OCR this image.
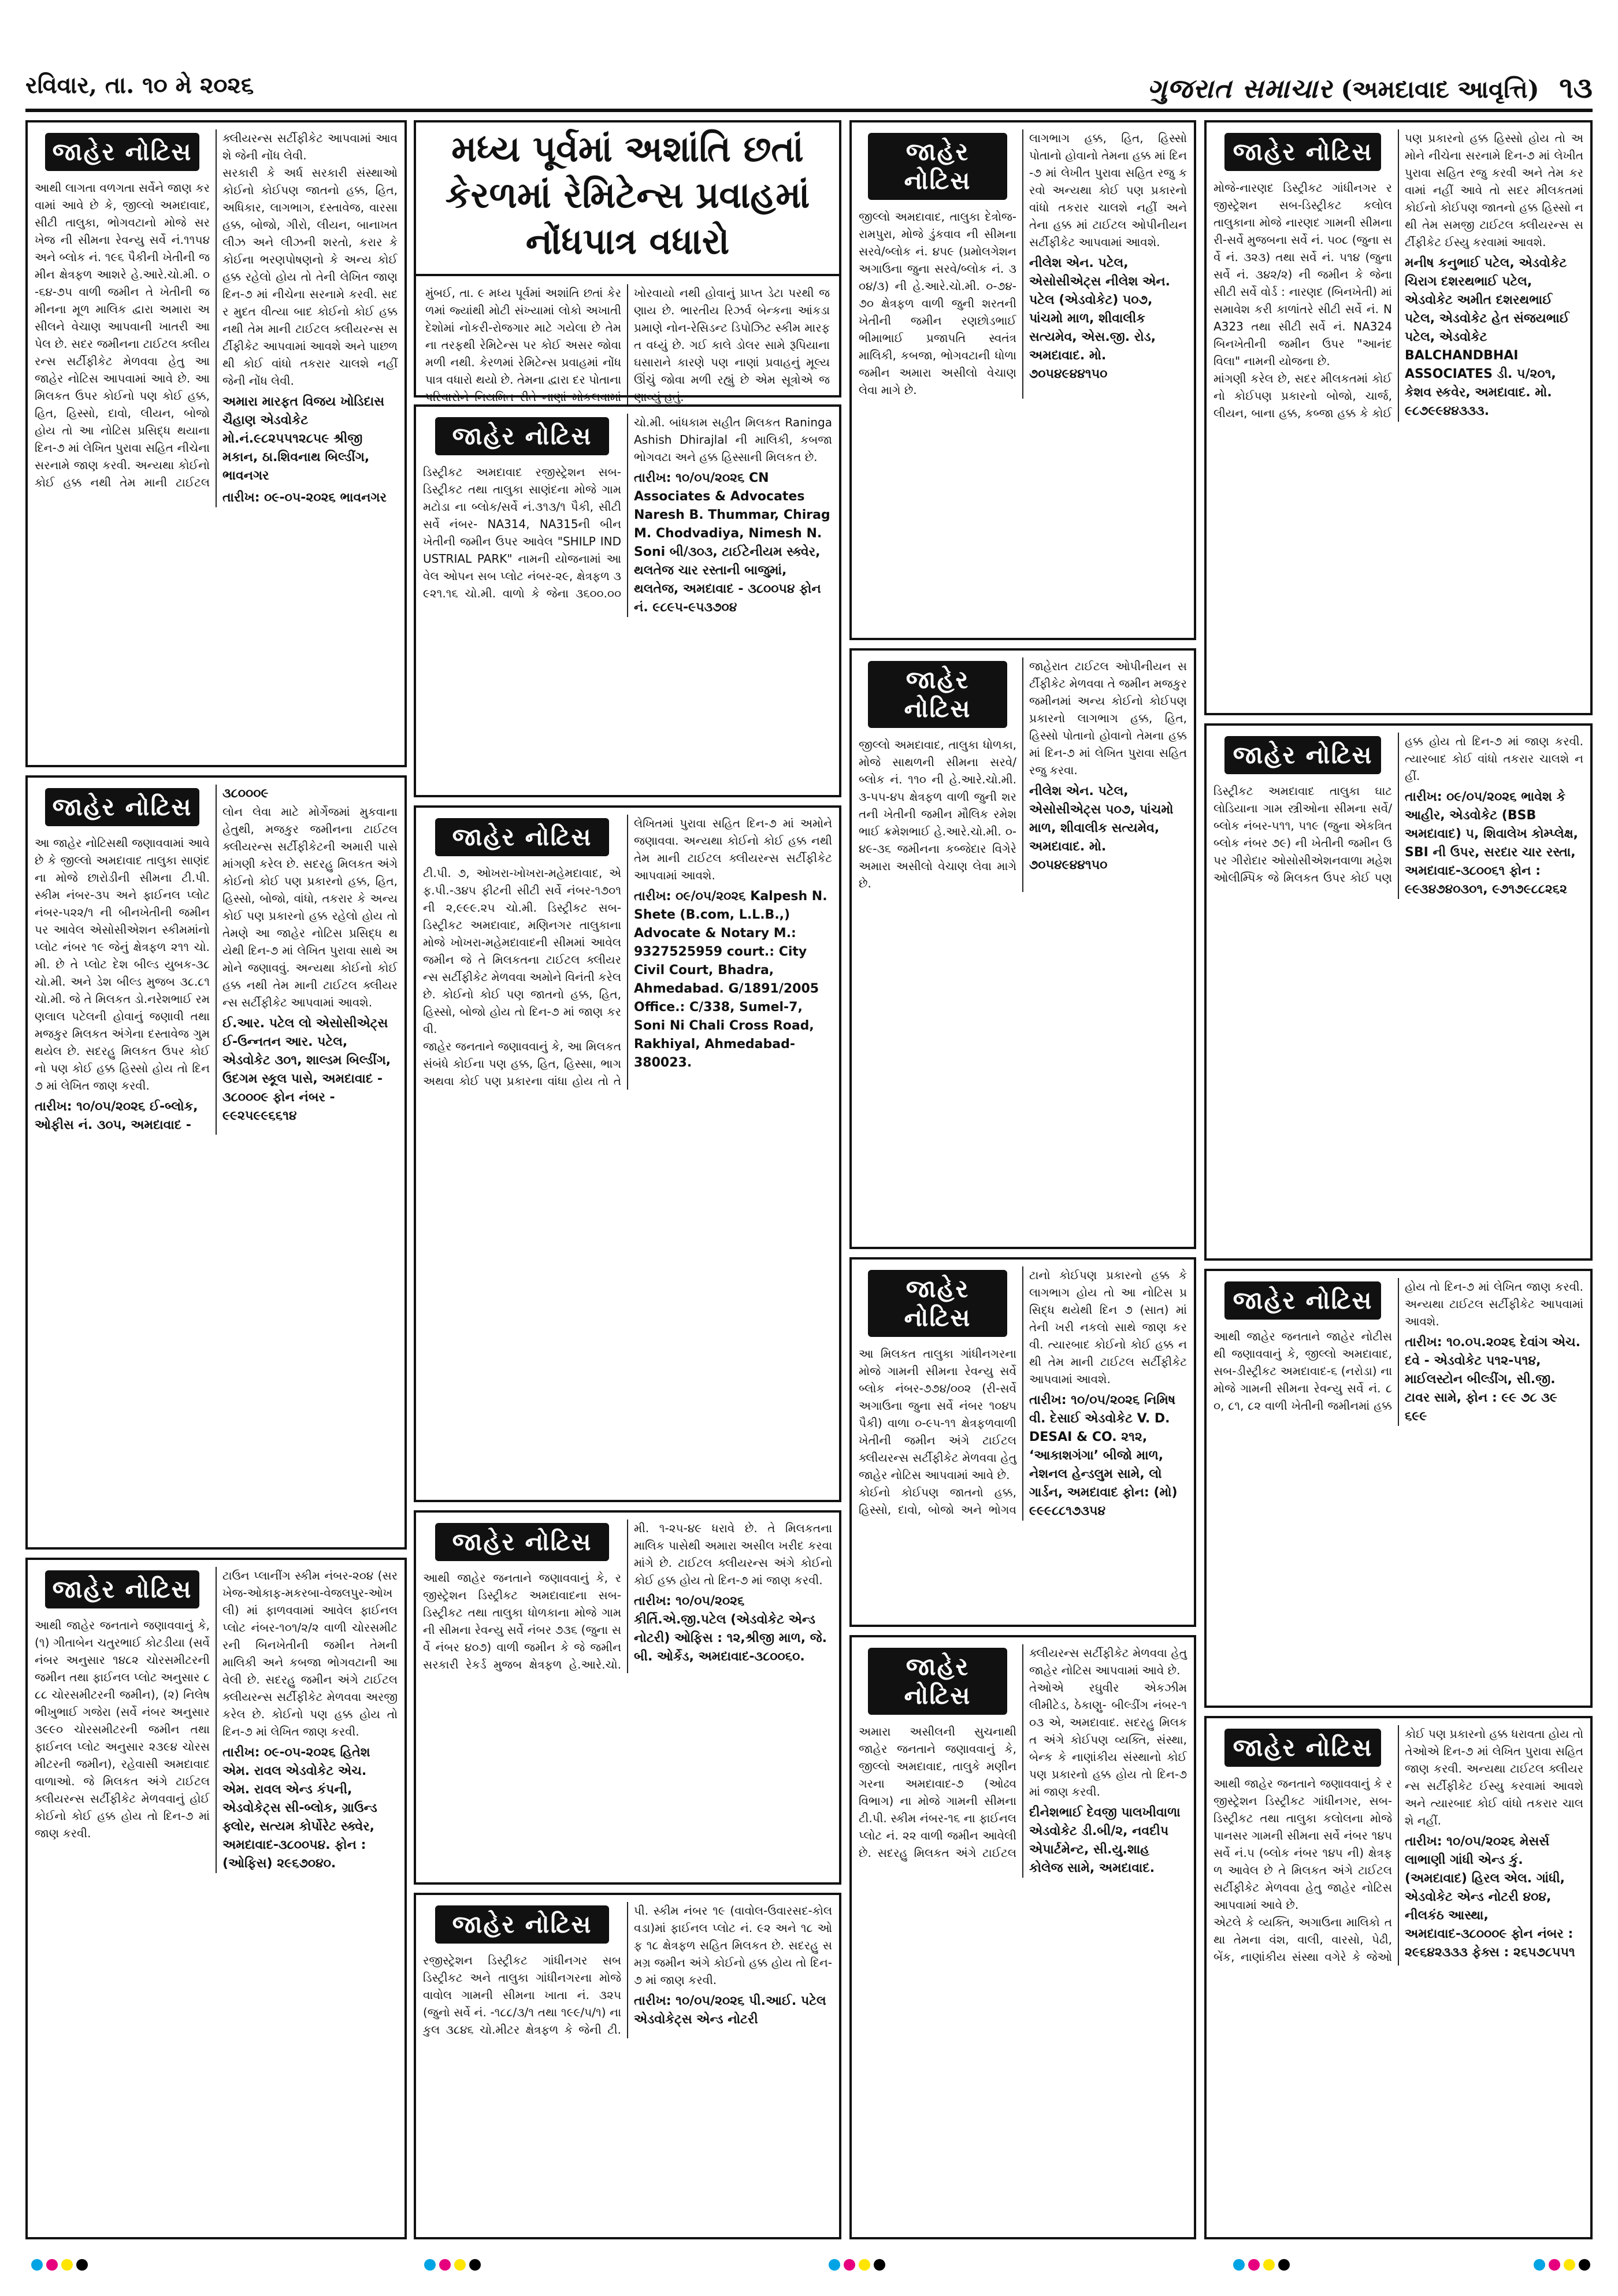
રવિવાર, તા. ૧૦ મે ૨૦૨૬	ગુજરાત સમાચાર (અમદાવાદ આવૃત્તિ) ૧૩
જાહેર નોટિસ
આથી લાગતા વળગતા સર્વેને જાણ કરવામાં આવે છે કે, જીલ્લો અમદાવાદ, સીટી તાલુકા, ભોગવટાનો મોજે સરખેજ ની સીમના રેવન્યુ સર્વે નં.૧૧૫૪ અને બ્લોક નં. ૧૯૬ પૈકીની ખેતીની જમીન ક્ષેત્રફળ આશરે હે.આરે.ચો.મી. ૦-૬૪-૭૫ વાળી જમીન તે ખેતીની જમીનના મૂળ માલિક દ્વારા અમારા અસીલને વેચાણ આપવાની ખાતરી આપેલ છે. સદર જમીનના ટાઈટલ ક્લીયરન્સ સર્ટીફીકેટ મેળવવા હેતુ આ જાહેર નોટિસ આપવામાં આવે છે. આ મિલકત ઉપર કોઈનો પણ કોઈ હક્ક, હિત, હિસ્સો, દાવો, લીયન, બોજો હોય તો આ નોટિસ પ્રસિદ્ધ થયાના દિન-૭ માં લેખિત પુરાવા સહિત નીચેના સરનામે જાણ કરવી. અન્યથા કોઈનો કોઈ હક્ક નથી તેમ માની ટાઈટલ ક્લીયરન્સ સર્ટીફીકેટ આપવામાં આવશે જેની નોંધ લેવી.
સરકારી કે અર્ધ સરકારી સંસ્થાઓ કોઈનો કોઈપણ જાતનો હક્ક, હિત, અધિકાર, લાગભાગ, દસ્તાવેજ, વારસા હક્ક, બોજો, ગીરો, લીયન, બાનાખત લીઝ અને લીઝની શરતો, કરાર કે કોઈના ભરણપોષણનો કે અન્ય કોઈ હક્ક રહેલો હોય તો તેની લેખિત જાણ દિન-૭ માં નીચેના સરનામે કરવી. સદર મુદત વીત્યા બાદ કોઈનો કોઈ હક્ક નથી તેમ માની ટાઈટલ ક્લીયરન્સ સર્ટીફીકેટ આપવામાં આવશે અને પાછળથી કોઈ વાંધો તકરાર ચાલશે નહીં જેની નોંધ લેવી.
અમારા મારફત વિજય ખોડિદાસ ચૈહાણ એડવોકેટ મો.નં.૯૮૨૫૫૧૨૮૫૯ શ્રીજી મકાન, ઠા.શિવનાથ બિલ્ડીંગ, ભાવનગર
તારીખ: ૦૯-૦૫-૨૦૨૬ ભાવનગર
જાહેર નોટિસ
આ જાહેર નોટિસથી જણાવવામાં આવે છે કે જીલ્લો અમદાવાદ તાલુકા સાણંદના મોજે છારોડીની સીમના ટી.પી.સ્કીમ નંબર-૩૫ અને ફાઈનલ પ્લોટ નંબર-૫૨૨/૧ ની બીનખેતીની જમીન પર આવેલ એસોસીએશન સ્કીમમાંનો પ્લોટ નંબર ૧૯ જેનું ક્ષેત્રફળ ૨૧૧ ચો.મી. છે તે પ્લોટ દેશ બીલ્ડ યુબક-૩૮ ચો.મી. અને ડેશ બીલ્ડ મુજબ ૩૮.૮૧ ચો.મી. જે તે મિલકત ડો.નરેશભાઈ રમણલાલ પટેલની હોવાનું જણાવી તથા મજકુર મિલકત અંગેના દસ્તાવેજ ગુમ થયેલ છે. સદરહુ મિલકત ઉપર કોઈનો પણ કોઈ હક્ક હિસ્સો હોય તો દિન ૭ માં લેખિત જાણ કરવી.
તારીખ: ૧૦/૦૫/૨૦૨૬ ઈ-બ્લોક, ઓફીસ નં. ૩૦૫, અમદાવાદ - ૩૮૦૦૦૯
લોન લેવા માટે મોર્ગેજમાં મુકવાના હેતુથી, મજકુર જમીનના ટાઈટલ ક્લીયરન્સ સર્ટીફીકેટની અમારી પાસે માંગણી કરેલ છે. સદરહુ મિલકત અંગે કોઈનો કોઈ પણ પ્રકારનો હક્ક, હિત, હિસ્સો, બોજો, વાંધો, તકરાર કે અન્ય કોઈ પણ પ્રકારનો હક્ક રહેલો હોય તો તેમણે આ જાહેર નોટિસ પ્રસિદ્ધ થયેથી દિન-૭ માં લેખિત પુરાવા સાથે અમોને જણાવવું. અન્યથા કોઈનો કોઈ હક્ક નથી તેમ માની ટાઈટલ ક્લીયરન્સ સર્ટીફીકેટ આપવામાં આવશે.
ઈ.આર. પટેલ લો એસોસીએટ્સ ઈ-ઉન્નતન આર. પટેલ, એડવોકેટ ૩૦૧, શાલ્ડમ બિલ્ડીંગ, ઉદગમ સ્કૂલ પાસે, અમદાવાદ - ૩૮૦૦૦૯ ફોન નંબર - ૯૯૨૫૯૯૬૬૧૪
જાહેર નોટિસ
આથી જાહેર જનતાને જણાવવાનું કે, (૧) ગીતાબેન ચતુરભાઈ કોટડીયા (સર્વે નંબર અનુસાર ૧૪૮૨ ચોરસમીટરની જમીન તથા ફાઈનલ પ્લોટ અનુસાર ૮૮૮ ચોરસમીટરની જમીન), (૨) નિલેષ ભીખુભાઈ ગજેરા (સર્વે નંબર અનુસાર ૩૯૯૦ ચોરસમીટરની જમીન તથા ફાઈનલ પ્લોટ અનુસાર ૨૩૯૪ ચોરસમીટરની જમીન), રહેવાસી અમદાવાદ વાળાઓ. જે મિલકત અંગે ટાઈટલ ક્લીયરન્સ સર્ટીફીકેટ મેળવવાનું હોઈ કોઈનો કોઈ હક્ક હોય તો દિન-૭ માં જાણ કરવી.
ટાઉન પ્લાનીંગ સ્કીમ નંબર-૨૦૪ (સરખેજ-ઓકાફ-મકરબા-વેજલપુર-ઓખલી) માં ફાળવવામાં આવેલ ફાઈનલ પ્લોટ નંબર-૧૦૧/૨/૨ વાળી ચોરસમીટરની બિનખેતીની જમીન તેમની માલિકી અને કબજા ભોગવટાની આવેલી છે. સદરહુ જમીન અંગે ટાઈટલ ક્લીયરન્સ સર્ટીફીકેટ મેળવવા અરજી કરેલ છે. કોઈનો પણ હક્ક હોય તો દિન-૭ માં લેખિત જાણ કરવી.
તારીખ: ૦૯-૦૫-૨૦૨૬ હિતેશ એમ. રાવલ એડવોકેટ એચ. એમ. રાવલ એન્ડ કંપની, એડવોકેટ્સ સી-બ્લોક, ગ્રાઉન્ડ ફ્લોર, સત્યમ કોર્પોરેટ સ્ક્વેર, અમદાવાદ-૩૮૦૦૫૪. ફોન : (ઓફિસ) ૨૯૬૭૦૪૦.
મધ્ય પૂર્વમાં અશાંતિ છતાં કેરળમાં રેમિટેન્સ પ્રવાહમાં નોંધપાત્ર વધારો
મુંબઈ, તા. ૯ મધ્ય પૂર્વમાં અશાંતિ છતાં કેરળમાં જ્યાંથી મોટી સંખ્યામાં લોકો અખાતી દેશોમાં નોકરી-રોજગાર માટે ગયેલા છે તેમના તરફથી રેમિટેન્સ પર કોઈ અસર જોવા મળી નથી. કેરળમાં રેમિટેન્સ પ્રવાહમાં નોંધપાત્ર વધારો થયો છે. તેમના દ્વારા દર પોતાના પરિવારોને નિયમિત રીતે નાણાં મોકલવામાં ખોરવાયો નથી હોવાનું પ્રાપ્ત ડેટા પરથી જણાય છે. ભારતીય રિઝર્વ બેન્કના આંકડા પ્રમાણે નોન-રેસિડન્ટ ડિપોઝિટ સ્કીમ મારફત વધ્યું છે. ગઈ કાલે ડોલર સામે રૂપિયાના ઘસારાને કારણે પણ નાણાં પ્રવાહનું મૂલ્ય ઊંચું જોવા મળી રહ્યું છે એમ સૂત્રોએ જણાવ્યું હતું.
જાહેર નોટિસ
ડિસ્ટ્રીકટ અમદાવાદ રજીસ્ટ્રેશન સબ-ડિસ્ટ્રીકટ તથા તાલુકા સાણંદના મોજે ગામ મટોડા ના બ્લોક/સર્વે નં.૩૧૩/૧ પૈકી, સીટી સર્વે નંબર- NA314, NA315ની બીનખેતીની જમીન ઉપર આવેલ "SHILP INDUSTRIAL PARK" નામની યોજનામાં આવેલ ઓપન સબ પ્લોટ નંબર-૨૯, ક્ષેત્રફળ ૩૯૨૧.૧૬ ચો.મી. વાળો કે જેના ૩૬૦૦.૦૦ ચો.મી. બાંધકામ સહીત મિલકત Raninga Ashish Dhirajlal ની માલિકી, કબજા ભોગવટા અને હક્ક હિસ્સાની મિલકત છે.
તારીખ: ૧૦/૦૫/૨૦૨૬ CN Associates & Advocates Naresh B. Thummar, Chirag M. Chodvadiya, Nimesh N. Soni બી/૩૦૩, ટાઈટેનીયમ સ્ક્વેર, થલતેજ ચાર રસ્તાની બાજુમાં, થલતેજ, અમદાવાદ - ૩૮૦૦૫૪ ફોન નં. ૯૮૯૫-૯૫૩૭૦૪
જાહેર નોટિસ
ટી.પી. ૭, ઓખરા-ખોખરા-મહેમદાવાદ, એફ.પી.-૩૪૫ ફીટની સીટી સર્વે નંબર-૧૭૦૧ ની ૨,૯૯૯.૨૫ ચો.મી. ડિસ્ટ્રીકટ સબ-ડિસ્ટ્રીકટ અમદાવાદ, મણિનગર તાલુકાના મોજે ખોખરા-મહેમદાવાદની સીમમાં આવેલ જમીન જે તે મિલકતના ટાઈટલ ક્લીયરન્સ સર્ટીફીકેટ મેળવવા અમોને વિનંતી કરેલ છે. કોઈનો કોઈ પણ જાતનો હક્ક, હિત, હિસ્સો, બોજો હોય તો દિન-૭ માં જાણ કરવી.
જાહેર જનતાને જણાવવાનું કે, આ મિલકત સંબંધે કોઈના પણ હક્ક, હિત, હિસ્સા, ભાગ અથવા કોઈ પણ પ્રકારના વાંધા હોય તો તે લેખિતમાં પુરાવા સહિત દિન-૭ માં અમોને જણાવવા. અન્યથા કોઈનો કોઈ હક્ક નથી તેમ માની ટાઈટલ ક્લીયરન્સ સર્ટીફીકેટ આપવામાં આવશે.
તારીખ: ૦૯/૦૫/૨૦૨૬ Kalpesh N. Shete (B.com, L.L.B.,) Advocate & Notary M.: 9327525959 court.: City Civil Court, Bhadra, Ahmedabad. G/1891/2005 Office.: C/338, Sumel-7, Soni Ni Chali Cross Road, Rakhiyal, Ahmedabad-380023.
જાહેર નોટિસ
આથી જાહેર જનતાને જણાવવાનું કે, રજીસ્ટ્રેશન ડિસ્ટ્રીકટ અમદાવાદના સબ-ડિસ્ટ્રીકટ તથા તાલુકા ધોળકાના મોજે ગામની સીમના રેવન્યુ સર્વે નંબર ૭૩૬ (જુના સર્વે નંબર ૪૦૭) વાળી જમીન કે જે જમીન સરકારી રેકર્ડ મુજબ ક્ષેત્રફળ હે.આરે.ચો.મી. ૧-૨૫-૪૯ ધરાવે છે. તે મિલકતના માલિક પાસેથી અમારા અસીલ ખરીદ કરવા માંગે છે. ટાઈટલ ક્લીયરન્સ અંગે કોઈનો કોઈ હક્ક હોય તો દિન-૭ માં જાણ કરવી.
તારીખ: ૧૦/૦૫/૨૦૨૬ કીર્તિ.એ.જી.પટેલ (એડવોકેટ એન્ડ નોટરી) ઓફિસ : ૧૨,શ્રીજી માળ, જે. બી. ઓર્કેડ, અમદાવાદ-૩૮૦૦૬૦.
જાહેર નોટિસ
રજીસ્ટ્રેશન ડિસ્ટ્રીકટ ગાંધીનગર સબ ડિસ્ટ્રીકટ અને તાલુકા ગાંધીનગરના મોજે વાવોલ ગામની સીમના ખાતા નં. ૩૨૫ (જુનો સર્વે નં. -૧૮૮/૩/૧ તથા ૧૯૯/૫/૧) ના કુલ ૩૮૪૬ ચો.મીટર ક્ષેત્રફળ કે જેની ટી.પી. સ્કીમ નંબર ૧૯ (વાવોલ-ઉવારસદ-કોલવડા)માં ફાઈનલ પ્લોટ નં. ૯૨ અને ૧૮ ઓફ ૧૮ ક્ષેત્રફળ સહિત મિલકત છે. સદરહુ સમગ્ર જમીન અંગે કોઈનો હક્ક હોય તો દિન-૭ માં જાણ કરવી.
તારીખ: ૧૦/૦૫/૨૦૨૬ પી.આઈ. પટેલ એડવોકેટ્સ એન્ડ નોટરી
જાહેર નોટિસ
જીલ્લો અમદાવાદ, તાલુકા દેત્રોજ-રામપુરા, મોજે ડુંકવાવ ની સીમના સરવે/બ્લોક નં. ૪૫૯ (પ્રમોલગેશન અગાઉના જુના સરવે/બ્લોક નં. ૩૦૪/૩) ની હે.આરે.ચો.મી. ૦-૭૪-૭૦ ક્ષેત્રફળ વાળી જુની શરતની ખેતીની જમીન રણછોડભાઈ ભીમાભાઈ પ્રજાપતિ સ્વતંત્ર માલિકી, કબજા, ભોગવટાની ધોળા જમીન અમારા અસીલો વેચાણ લેવા માગે છે.
લાગભાગ હક્ક, હિત, હિસ્સો પોતાનો હોવાનો તેમના હક્ક માં દિન-૭ માં લેખીત પુરાવા સહિત રજુ કરવો અન્યથા કોઈ પણ પ્રકારનો વાંધો તકરાર ચાલશે નહીં અને તેના હક્ક માં ટાઈટલ ઓપીનીયન સર્ટીફીકેટ આપવામાં આવશે.
નીલેશ એન. પટેલ, એસોસીએટ્સ નીલેશ એન. પટેલ (એડવોકેટ) ૫૦૭, પાંચમો માળ, શીવાલીક સત્યમેવ, એસ.જી. રોડ, અમદાવાદ. મો. ૭૦૫૪૯૪૪૧૫૦
જાહેર નોટિસ
જીલ્લો અમદાવાદ, તાલુકા ધોળકા, મોજે સાથળની સીમના સરવે/બ્લોક નં. ૧૧૦ ની હે.આરે.ચો.મી. ૩-૫૫-૪૫ ક્ષેત્રફળ વાળી જુની શરતની ખેતીની જમીન મૌલિક રમેશભાઈ ક્રમેશભાઈ હે.આરે.ચો.મી. ૦-૪૯-૩૬ જમીનના કબ્જેદાર વિગેરે અમારા અસીલો વેચાણ લેવા માગે છે.
જાહેરાત ટાઈટલ ઓપીનીયન સર્ટીફીકેટ મેળવવા તે જમીન મજકુર જમીનમાં અન્ય કોઈનો કોઈપણ પ્રકારનો લાગભાગ હક્ક, હિત, હિસ્સો પોતાનો હોવાનો તેમના હક્ક માં દિન-૭ માં લેખિત પુરાવા સહિત રજુ કરવા.
નીલેશ એન. પટેલ, એસોસીએટ્સ ૫૦૭, પાંચમો માળ, શીવાલીક સત્યમેવ, અમદાવાદ. મો. ૭૦૫૪૯૪૪૧૫૦
જાહેર નોટિસ
આ મિલકત તાલુકા ગાંધીનગરના મોજે ગામની સીમના રેવન્યુ સર્વે બ્લોક નંબર-૭૭૪/૦૦૨ (રી-સર્વે અગાઉના જુના સર્વે નંબર ૧૦૪૫ પૈકી) વાળા ૦-૯૫-૧૧ ક્ષેત્રફળવાળી ખેતીની જમીન અંગે ટાઈટલ ક્લીયરન્સ સર્ટીફીકેટ મેળવવા હેતુ જાહેર નોટિસ આપવામાં આવે છે.
કોઈનો કોઈપણ જાતનો હક્ક, હિસ્સો, દાવો, બોજો અને ભોગવટાનો કોઈપણ પ્રકારનો હક્ક કે લાગભાગ હોય તો આ નોટિસ પ્રસિદ્ધ થયેથી દિન ૭ (સાત) માં તેની ખરી નકલો સાથે જાણ કરવી. ત્યારબાદ કોઈનો કોઈ હક્ક નથી તેમ માની ટાઈટલ સર્ટીફીકેટ આપવામાં આવશે.
તારીખ: ૧૦/૦૫/૨૦૨૬ નિમિષ વી. દેસાઈ એડવોકેટ V. D. DESAI & CO. ૨૧૨, ‘આકાશગંગા’ બીજો માળ, નેશનલ હેન્ડલુમ સામે, લો ગાર્ડન, અમદાવાદ ફોન: (મો) ૯૯૯૮૮૧૭૩૫૪
જાહેર નોટિસ
અમારા અસીલની સુચનાથી જાહેર જનતાને જણાવવાનું કે, જીલ્લો અમદાવાદ, તાલુકે મણીનગરના અમદાવાદ-૭ (ઓઢવ વિભાગ) ના મોજે ગામની સીમના ટી.પી. સ્કીમ નંબર-૧૬ ના ફાઈનલ પ્લોટ નં. ૨૨ વાળી જમીન આવેલી છે. સદરહુ મિલકત અંગે ટાઈટલ ક્લીયરન્સ સર્ટીફીકેટ મેળવવા હેતુ જાહેર નોટિસ આપવામાં આવે છે.
તેઓએ રઘુવીર એકઝીમ લીમીટેડ, ઠેકાણુ- બીલ્ડીંગ નંબર-૧૦૩ એ, અમદાવાદ. સદરહુ મિલકત અંગે કોઈપણ વ્યક્તિ, સંસ્થા, બેન્ક કે નાણાંકીય સંસ્થાનો કોઈ પણ પ્રકારનો હક્ક હોય તો દિન-૭ માં જાણ કરવી.
દીનેશભાઈ દેવજી પાલખીવાળા એડવોકેટ ડી.બી/૨, નવદીપ એપાર્ટમેન્ટ, સી.યુ.શાહ કોલેજ સામે, અમદાવાદ.
જાહેર નોટિસ
મોજે-નારણદ ડિસ્ટ્રીકટ ગાંધીનગર રજીસ્ટ્રેશન સબ-ડિસ્ટ્રીકટ કલોલ તાલુકાના મોજે નારણદ ગામની સીમના રી-સર્વે મુજબના સર્વે નં. ૫૦૮ (જુના સર્વે નં. ૩૨૩) તથા સર્વે નં. ૫૧૪ (જુના સર્વે નં. ૩૪૨/૨) ની જમીન કે જેના સીટી સર્વે વોર્ડ : નારણદ (બિનખેતી) માં સમાવેશ કરી કાળાંતરે સીટી સર્વે નં. NA323 તથા સીટી સર્વે નં. NA324 બિનખેતીની જમીન ઉપર "આનંદ વિલા" નામની યોજના છે.
માંગણી કરેલ છે, સદર મીલકતમાં કોઈનો કોઈપણ પ્રકારનો બોજો, ચાર્જ, લીયન, બાના હક્ક, કબ્જા હક્ક કે કોઈપણ પ્રકારનો હક્ક હિસ્સો હોય તો અમોને નીચેના સરનામે દિન-૭ માં લેખીત પુરાવા સહિત રજુ કરવી અને તેમ કરવામાં નહીં આવે તો સદર મીલકતમાં કોઈનો કોઈપણ જાતનો હક્ક હિસ્સો નથી તેમ સમજી ટાઈટલ ક્લીયરન્સ સર્ટીફીકેટ ઈસ્યુ કરવામાં આવશે.
મનીષ કનુભાઈ પટેલ, એડવોકેટ ચિરાગ દશરથભાઈ પટેલ, એડવોકેટ અમીત દશરથભાઈ પટેલ, એડવોકેટ હેત સંજયભાઈ પટેલ, એડવોકેટ BALCHANDBHAI ASSOCIATES ડી. ૫/૨૦૧, કેશવ સ્કવેર, અમદાવાદ. મો. ૯૮૭૯૯૪૪૩૩૩.
જાહેર નોટિસ
ડિસ્ટ્રીકટ અમદાવાદ તાલુકા ઘાટલોડિયાના ગામ સ્ત્રીઓના સીમના સર્વે/બ્લોક નંબર-૫૧૧, ૫૧૯ (જુના એકત્રિત બ્લોક નંબર ૭૯) ની ખેતીની જમીન ઉપર ગીરોદાર ઓસોસીએશનવાળા મહેશ ઓલીમ્પિક જે મિલકત ઉપર કોઈ પણ હક્ક હોય તો દિન-૭ માં જાણ કરવી. ત્યારબાદ કોઈ વાંધો તકરાર ચાલશે નહીં.
તારીખ: ૦૯/૦૫/૨૦૨૬ ભાવેશ કે આહીર, એડવોકેટ (BSB અમદાવાદ) ૫, શિવાલેખ કોમ્પ્લેક્ષ, SBI ની ઉપર, સરદાર ચાર રસ્તા, અમદાવાદ-૩૮૦૦૬૧ ફોન : ૯૯૩૪૭૪૦૩૦૧, ૯૭૧૭૯૮૮૨૬૨
જાહેર નોટિસ
આથી જાહેર જનતાને જાહેર નોટીસ થી જણાવવાનું કે, જીલ્લો અમદાવાદ, સબ-ડીસ્ટ્રીકટ અમદાવાદ-૬ (નરોડા) ના મોજે ગામની સીમના રેવન્યુ સર્વે નં. ૮૦, ૮૧, ૮૨ વાળી ખેતીની જમીનમાં હક્ક હોય તો દિન-૭ માં લેખિત જાણ કરવી. અન્યથા ટાઈટલ સર્ટીફીકેટ આપવામાં આવશે.
તારીખ: ૧૦.૦૫.૨૦૨૬ દેવાંગ એચ. દવે - એડવોકેટ ૫૧૨-૫૧૪, માઈલસ્ટોન બીલ્ડીંગ, સી.જી. ટાવર સામે, ફોન : ૯૯ ૭૮ ૩૯ ૬૯૯
જાહેર નોટિસ
આથી જાહેર જનતાને જણાવવાનું કે રજીસ્ટ્રેશન ડિસ્ટ્રીકટ ગાંધીનગર, સબ-ડિસ્ટ્રીકટ તથા તાલુકા કલોલના મોજે પાનસર ગામની સીમના સર્વે નંબર ૧૪૫ સર્વે નં.૫ (બ્લોક નંબર ૧૪૫ ની) ક્ષેત્રફળ આવેલ છે તે મિલકત અંગે ટાઈટલ સર્ટીફીકેટ મેળવવા હેતુ જાહેર નોટિસ આપવામાં આવે છે.
એટલે કે વ્યક્તિ, અગાઉના માલિકો તથા તેમના વંશ, વાલી, વારસો, પેઢી, બેંક, નાણાંકીય સંસ્થા વગેરે કે જેઓ કોઈ પણ પ્રકારનો હક્ક ધરાવતા હોય તો તેઓએ દિન-૭ માં લેખિત પુરાવા સહિત જાણ કરવી. અન્યથા ટાઈટલ ક્લીયરન્સ સર્ટીફીકેટ ઈસ્યુ કરવામાં આવશે અને ત્યારબાદ કોઈ વાંધો તકરાર ચાલશે નહીં.
તારીખ: ૧૦/૦૫/૨૦૨૬ મેસર્સ લાભાણી ગાંધી એન્ડ કું. (અમદાવાદ) હિરલ એલ. ગાંધી, એડવોકેટ એન્ડ નોટરી ૪૦૪, નીલકંઠ આસ્થા, અમદાવાદ-૩૮૦૦૦૯ ફોન નંબર : ૨૯૬૪૨૩૩૩ ફેક્સ : ૨૬૫૭૮૫૫૧
